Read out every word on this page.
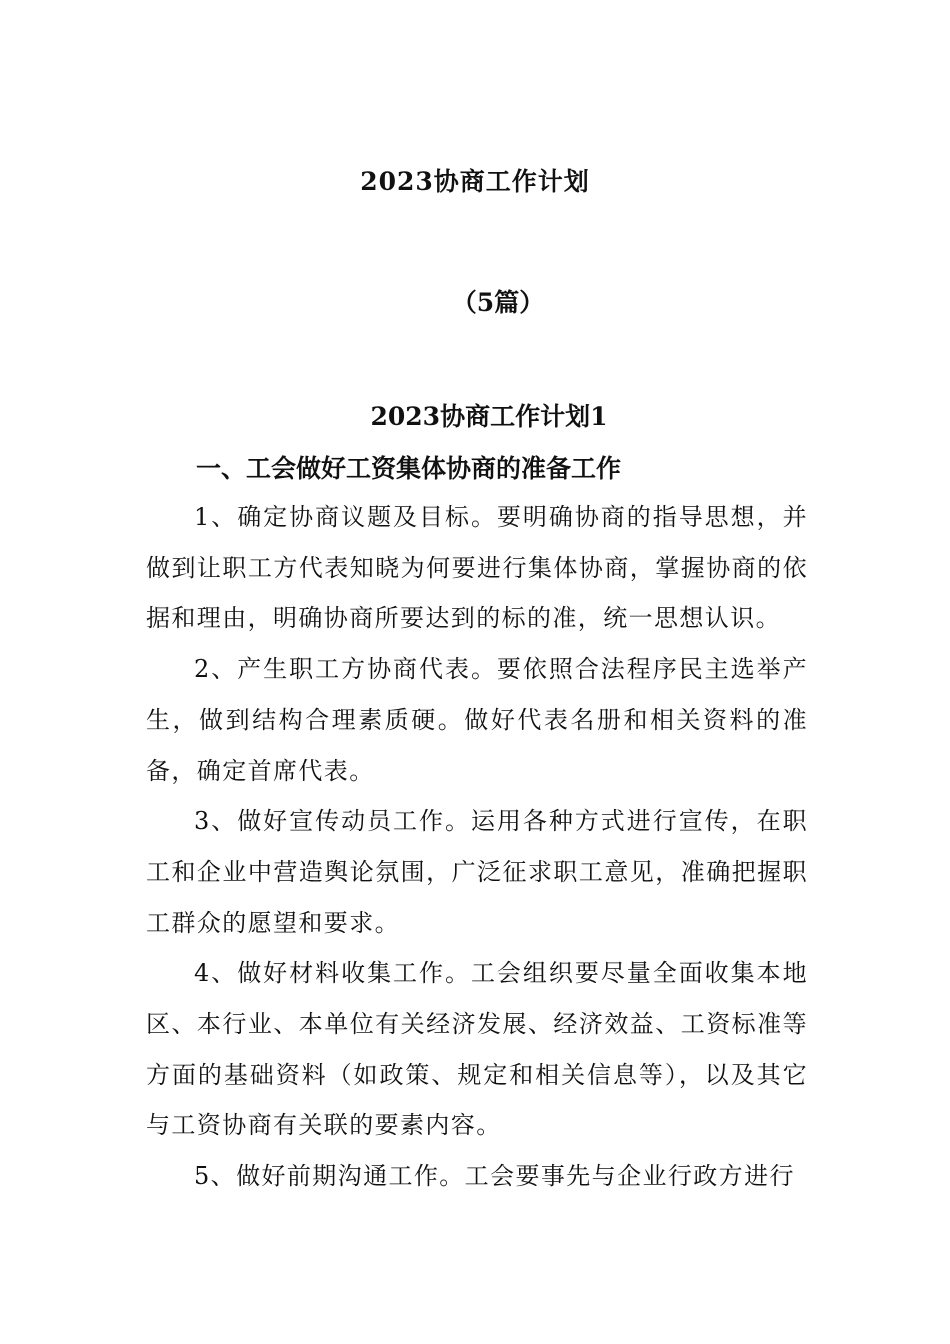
2023协商工作计划
（5篇）
2023协商工作计划1
一、工会做好工资集体协商的准备工作

1、确定协商议题及目标。要明确协商的指导思想，并做到让职工方代表知晓为何要进行集体协商，掌握协商的依据和理由，明确协商所要达到的标的准，统一思想认识。

2、产生职工方协商代表。要依照合法程序民主选举产生，做到结构合理素质硬。做好代表名册和相关资料的准备，确定首席代表。

3、做好宣传动员工作。运用各种方式进行宣传，在职工和企业中营造舆论氛围，广泛征求职工意见，准确把握职工群众的愿望和要求。

4、做好材料收集工作。工会组织要尽量全面收集本地区、本行业、本单位有关经济发展、经济效益、工资标准等方面的基础资料（如政策、规定和相关信息等），以及其它与工资协商有关联的要素内容。

5、做好前期沟通工作。工会要事先与企业行政方进行
